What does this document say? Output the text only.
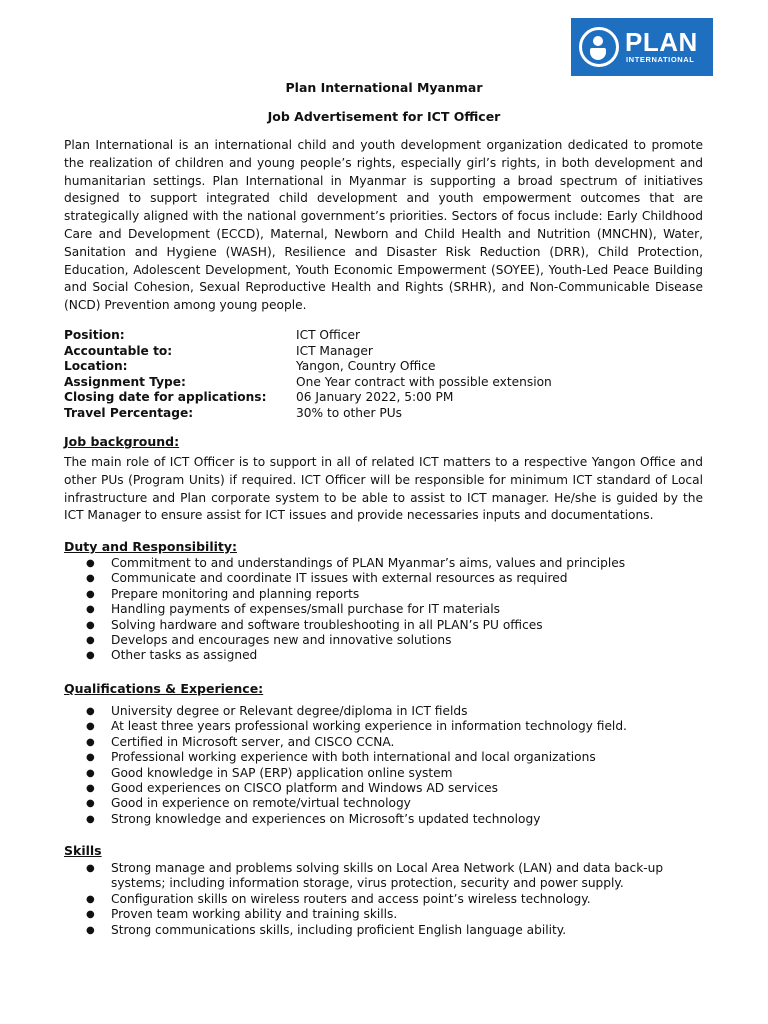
PLAN
INTERNATIONAL
Plan International Myanmar
Job Advertisement for ICT Officer

Plan International is an international child and youth development organization dedicated to promote the realization of children and young people’s rights, especially girl’s rights, in both development and humanitarian settings. Plan International in Myanmar is supporting a broad spectrum of initiatives designed to support integrated child development and youth empowerment outcomes that are strategically aligned with the national government’s priorities. Sectors of focus include: Early Childhood Care and Development (ECCD), Maternal, Newborn and Child Health and Nutrition (MNCHN), Water, Sanitation and Hygiene (WASH), Resilience and Disaster Risk Reduction (DRR), Child Protection, Education, Adolescent Development, Youth Economic Empowerment (SOYEE), Youth-Led Peace Building and Social Cohesion, Sexual Reproductive Health and Rights (SRHR), and Non-Communicable Disease (NCD) Prevention among young people.

Position:	ICT Officer
Accountable to:	ICT Manager
Location:	Yangon, Country Office
Assignment Type:	One Year contract with possible extension
Closing date for applications:	06 January 2022, 5:00 PM
Travel Percentage:	30% to other PUs
Job background:

The main role of ICT Officer is to support in all of related ICT matters to a respective Yangon Office and other PUs (Program Units) if required. ICT Officer will be responsible for minimum ICT standard of Local infrastructure and Plan corporate system to be able to assist to ICT manager. He/she is guided by the ICT Manager to ensure assist for ICT issues and provide necessaries inputs and documentations.

Duty and Responsibility:
● Commitment to and understandings of PLAN Myanmar’s aims, values and principles
● Communicate and coordinate IT issues with external resources as required
● Prepare monitoring and planning reports
● Handling payments of expenses/small purchase for IT materials
● Solving hardware and software troubleshooting in all PLAN’s PU offices
● Develops and encourages new and innovative solutions
● Other tasks as assigned
Qualifications & Experience:
● University degree or Relevant degree/diploma in ICT fields
● At least three years professional working experience in information technology field.
● Certified in Microsoft server, and CISCO CCNA.
● Professional working experience with both international and local organizations
● Good knowledge in SAP (ERP) application online system
● Good experiences on CISCO platform and Windows AD services
● Good in experience on remote/virtual technology
● Strong knowledge and experiences on Microsoft’s updated technology
Skills
● Strong manage and problems solving skills on Local Area Network (LAN) and data back-up systems; including information storage, virus protection, security and power supply.
● Configuration skills on wireless routers and access point’s wireless technology.
● Proven team working ability and training skills.
● Strong communications skills, including proficient English language ability.
